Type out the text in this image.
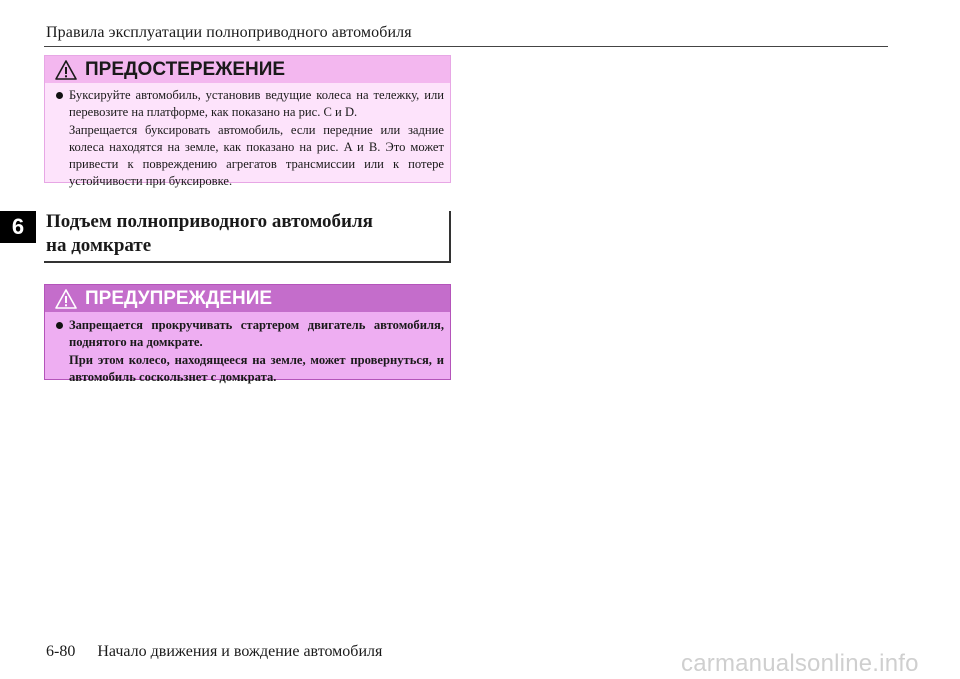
Правила эксплуатации полноприводного автомобиля
6
ПРЕДОСТЕРЕЖЕНИЕ
Буксируйте автомобиль, установив ведущие колеса на тележку, или перевозите на платформе, как показано на рис. C и D.
Запрещается буксировать автомобиль, если передние или задние колеса находятся на земле, как показано на рис. A и B. Это может привести к повреждению агрегатов трансмиссии или к потере устойчивости при буксировке.
Подъем полноприводного автомобиля
на домкрате
ПРЕДУПРЕЖДЕНИЕ
Запрещается прокручивать стартером двигатель автомобиля, поднятого на домкрате.
При этом колесо, находящееся на земле, может провернуться, и автомобиль соскользнет с домкрата.
6-80 Начало движения и вождение автомобиля	carmanualsonline.info
